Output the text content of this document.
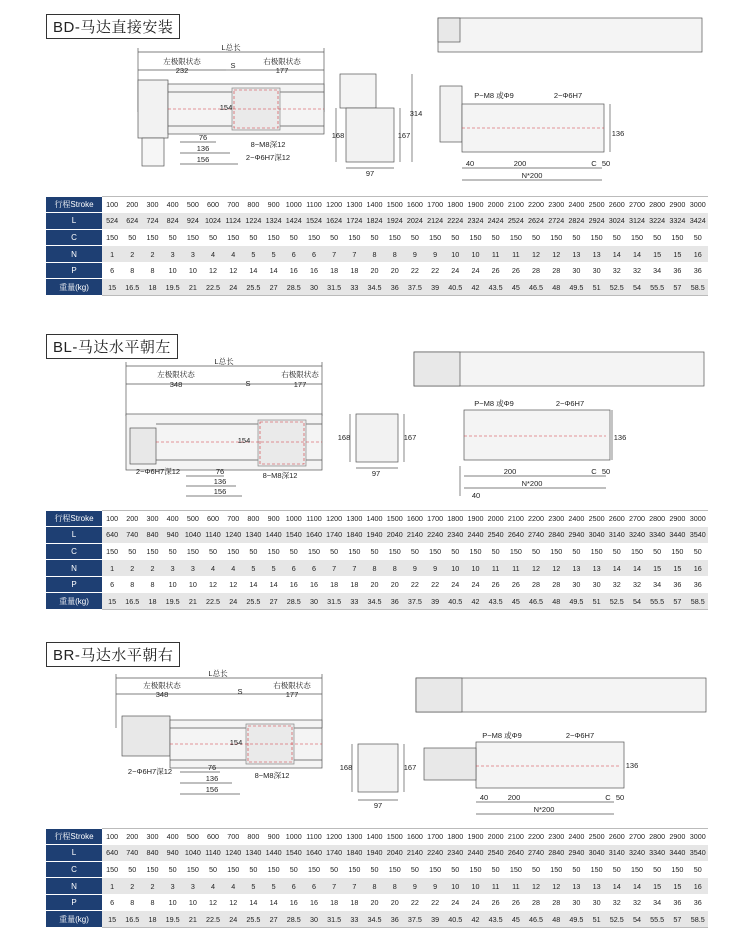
BD-马达直接安装
L总长
左极限状态
232
S	右极限状态
177
154
76
136
156
8−M8深12
2−Φ6H7深12
168	167
97
314
P−M8 或Φ9	2−Φ6H7
136
40	200	C 50
N*200
行程Stroke	100	200	300	400	500	600	700	800	900	1000	1100	1200	1300	1400	1500	1600	1700	1800	1900	2000	2100	2200	2300	2400	2500	2600	2700	2800	2900	3000
L	524	624	724	824	924	1024	1124	1224	1324	1424	1524	1624	1724	1824	1924	2024	2124	2224	2324	2424	2524	2624	2724	2824	2924	3024	3124	3224	3324	3424
C	150	50	150	50	150	50	150	50	150	50	150	50	150	50	150	50	150	50	150	50	150	50	150	50	150	50	150	50	150	50
N	1	2	2	3	3	4	4	5	5	6	6	7	7	8	8	9	9	10	10	11	11	12	12	13	13	14	14	15	15	16
P	6	8	8	10	10	12	12	14	14	16	16	18	18	20	20	22	22	24	24	26	26	28	28	30	30	32	32	34	36	36
重量(kg)	15	16.5	18	19.5	21	22.5	24	25.5	27	28.5	30	31.5	33	34.5	36	37.5	39	40.5	42	43.5	45	46.5	48	49.5	51	52.5	54	55.5	57	58.5
BL-马达水平朝左
L总长
左极限状态
348	S
右极限状态
177
154
76
136
156
2−Φ6H7深12	8−M8深12
168	167
97
P−M8 或Φ9	2−Φ6H7
136
200	C 50
N*200
40
行程Stroke	100	200	300	400	500	600	700	800	900	1000	1100	1200	1300	1400	1500	1600	1700	1800	1900	2000	2100	2200	2300	2400	2500	2600	2700	2800	2900	3000
L	640	740	840	940	1040	1140	1240	1340	1440	1540	1640	1740	1840	1940	2040	2140	2240	2340	2440	2540	2640	2740	2840	2940	3040	3140	3240	3340	3440	3540
C	150	50	150	50	150	50	150	50	150	50	150	50	150	50	150	50	150	50	150	50	150	50	150	50	150	50	150	50	150	50
N	1	2	2	3	3	4	4	5	5	6	6	7	7	8	8	9	9	10	10	11	11	12	12	13	13	14	14	15	15	16
P	6	8	8	10	10	12	12	14	14	16	16	18	18	20	20	22	22	24	24	26	26	28	28	30	30	32	32	34	36	36
重量(kg)	15	16.5	18	19.5	21	22.5	24	25.5	27	28.5	30	31.5	33	34.5	36	37.5	39	40.5	42	43.5	45	46.5	48	49.5	51	52.5	54	55.5	57	58.5
BR-马达水平朝右
L总长
左极限状态
348	S
右极限状态
177
154
76
136
156
2−Φ6H7深12	8−M8深12
168	167
97
P−M8 或Φ9	2−Φ6H7
136
40	200	C 50
N*200
行程Stroke	100	200	300	400	500	600	700	800	900	1000	1100	1200	1300	1400	1500	1600	1700	1800	1900	2000	2100	2200	2300	2400	2500	2600	2700	2800	2900	3000
L	640	740	840	940	1040	1140	1240	1340	1440	1540	1640	1740	1840	1940	2040	2140	2240	2340	2440	2540	2640	2740	2840	2940	3040	3140	3240	3340	3440	3540
C	150	50	150	50	150	50	150	50	150	50	150	50	150	50	150	50	150	50	150	50	150	50	150	50	150	50	150	50	150	50
N	1	2	2	3	3	4	4	5	5	6	6	7	7	8	8	9	9	10	10	11	11	12	12	13	13	14	14	15	15	16
P	6	8	8	10	10	12	12	14	14	16	16	18	18	20	20	22	22	24	24	26	26	28	28	30	30	32	32	34	36	36
重量(kg)	15	16.5	18	19.5	21	22.5	24	25.5	27	28.5	30	31.5	33	34.5	36	37.5	39	40.5	42	43.5	45	46.5	48	49.5	51	52.5	54	55.5	57	58.5
